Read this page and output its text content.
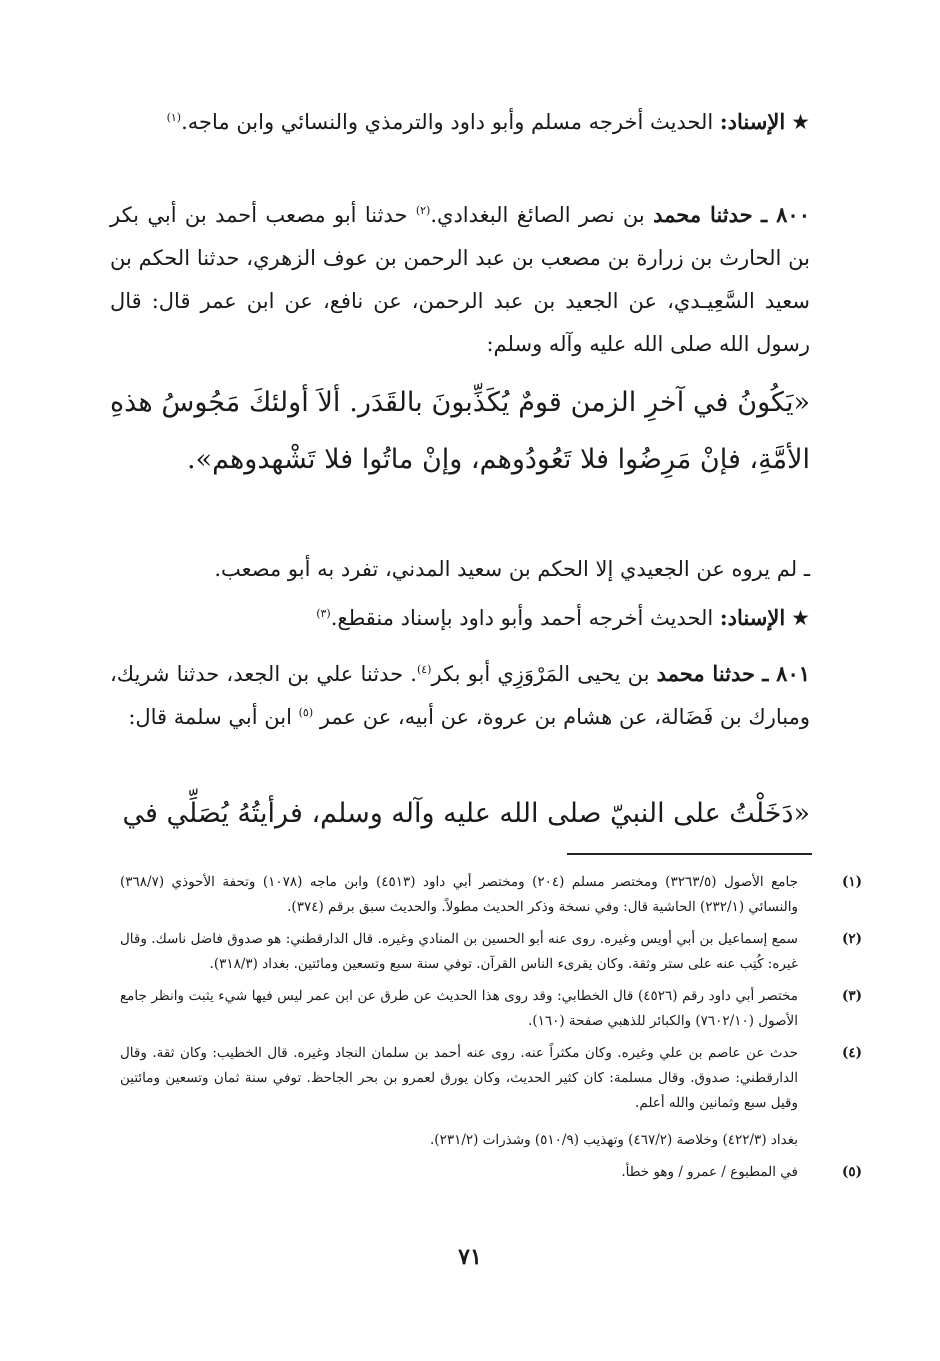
★الإسناد: الحديث أخرجه مسلم وأبو داود والترمذي والنسائي وابن ماجه.$^{(١)}$

٨٠٠ ـ حدثنا محمد بن نصر الصائغ البغدادي.$^{(٢)}$ حدثنا أبو مصعب أحمد بن أبي بكر بن الحارث بن زرارة بن مصعب بن عبد الرحمن بن عوف الزهري، حدثنا الحكم بن سعيد السَّعِيـدي، عن الجعيد بن عبد الرحمن، عن نافع، عن ابن عمر قال: قال رسول الله صلى الله عليه وآله وسلم:

«يَكُونُ في آخرِ الزمن قومٌ يُكَذِّبونَ بالقَدَر. ألاَ أولئكَ مَجُوسُ هذهِ الأمَّةِ، فإنْ مَرِضُوا فلا تَعُودُوهم، وإنْ ماتُوا فلا تَشْهدوهم».

ـ لم يروه عن الجعيدي إلا الحكم بن سعيد المدني، تفرد به أبو مصعب.

★الإسناد: الحديث أخرجه أحمد وأبو داود بإسناد منقطع.$^{(٣)}$

٨٠١ ـ حدثنا محمد بن يحيى المَرْوَزِي أبو بكر$^{(٤)}$. حدثنا علي بن الجعد، حدثنا شريك، ومبارك بن فَضَالة، عن هشام بن عروة، عن أبيه، عن عمر $^{(٥)}$ ابن أبي سلمة قال:

«دَخَلْتُ على النبيّ صلى الله عليه وآله وسلم، فرأيتُهُ يُصَلِّي في

(١)
جامع الأصول (٣٢٦٣/٥) ومختصر مسلم (٢٠٤) ومختصر أبي داود (٤٥١٣) وابن ماجه (١٠٧٨) وتحفة الأحوذي (٣٦٨/٧) والنسائي (٢٣٢/١) الحاشية قال: وفي نسخة وذكر الحديث مطولاً. والحديث سبق برقم (٣٧٤).
(٢)
سمع إسماعيل بن أبي أويس وغيره. روى عنه أبو الحسين بن المنادي وغيره. قال الدارقطني: هو صدوق فاضل ناسك. وقال غيره: كُتِب عنه على ستر وثقة. وكان يقرىء الناس القرآن. توفي سنة سبع وتسعين ومائتين. بغداد (٣١٨/٣).
(٣)
مختصر أبي داود رقم (٤٥٢٦) قال الخطابي: وقد روى هذا الحديث عن طرق عن ابن عمر ليس فيها شيء يثبت وانظر جامع الأصول (٧٦٠٢/١٠) والكبائر للذهبي صفحة (١٦٠).
(٤)
حدث عن عاصم بن علي وغيره. وكان مكثراً عنه. روى عنه أحمد بن سلمان النجاد وغيره. قال الخطيب: وكان ثقة. وقال الدارقطني: صدوق. وقال مسلمة: كان كثير الحديث، وكان يورق لعمرو بن بحر الجاحظ. توفي سنة ثمان وتسعين ومائتين وقيل سبع وثمانين والله أعلم.
بغداد (٤٢٢/٣) وخلاصة (٤٦٧/٢) وتهذيب (٥١٠/٩) وشذرات (٢٣١/٢).
(٥)
في المطبوع / عمرو / وهو خطأ.
٧١
